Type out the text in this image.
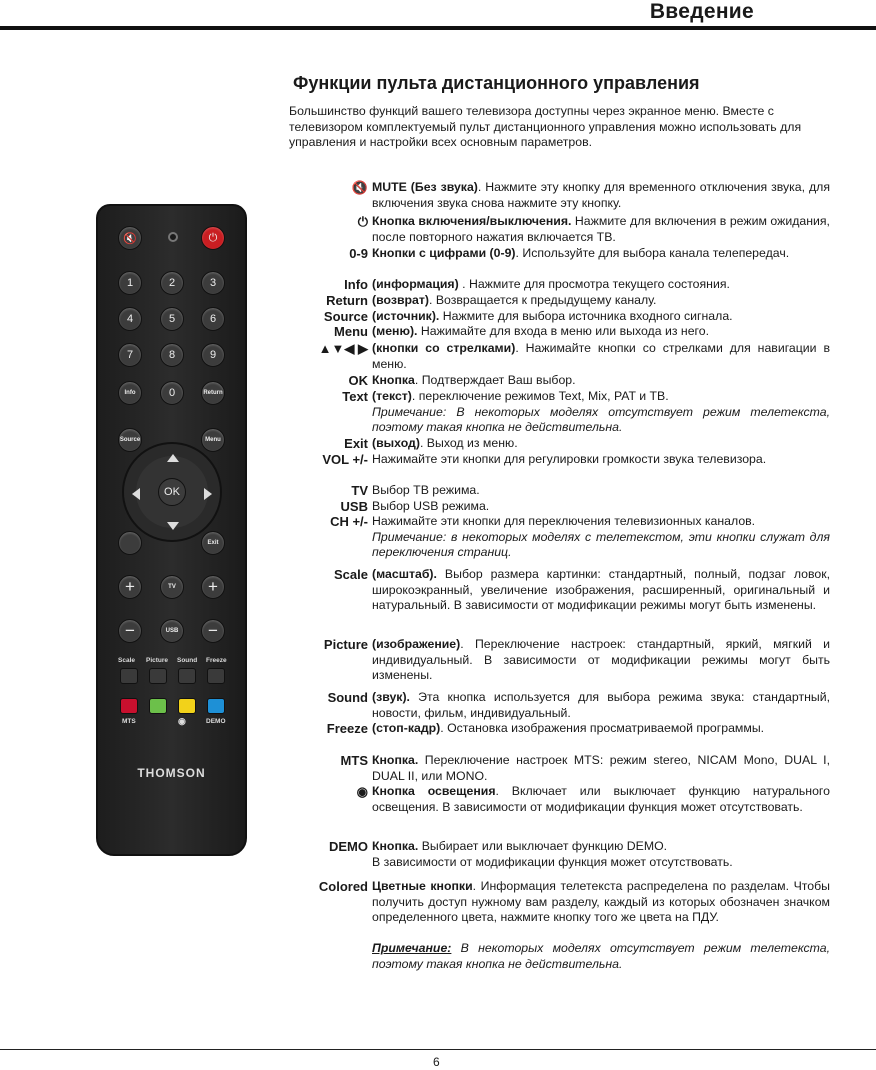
Введение
Функции пульта дистанционного управления
Большинство функций вашего телевизора доступны через экранное меню. Вместе с телевизором комплектуемый пульт дистанционного управления можно использовать для управления и настройки всех основным параметров.
🔇	⏻
1	2	3
4	5	6
7	8	9
Info	0	Return
Source	Menu
OK
Exit
+	TV	+
−	USB	−
Scale Picture Sound Freeze
MTS	◉	DEMO
THOMSON
🔇 MUTE (Без звука). Нажмите эту кнопку для временного отключения звука, для включения звука снова нажмите эту кнопку.
⏻ Кнопка включения/выключения. Нажмите для включения в режим ожидания, после повторного нажатия включается ТВ.
0-9 Кнопки с цифрами (0-9). Используйте для выбора канала телепередач.
Info (информация) . Нажмите для просмотра текущего состояния.
Return (возврат). Возвращается к предыдущему каналу.
Source (источник). Нажмите для выбора источника входного сигнала.
Menu (меню). Нажимайте для входа в меню или выхода из него.
▲▼◀ ▶ (кнопки со стрелками). Нажимайте кнопки со стрелками для навигации в меню.
OK Кнопка. Подтверждает Ваш выбор.
Text (текст). переключение режимов Text, Mix, PAT и TB.
Примечание: В некоторых моделях отсутствует режим телетекста, поэтому такая кнопка не действительна.
Exit (выход). Выход из меню.
VOL +/- Нажимайте эти кнопки для регулировки громкости звука телевизора.
TV Выбор ТВ режима.
USB Выбор USB режима.
CH +/- Нажимайте эти кнопки для переключения телевизионных каналов.
Примечание: в некоторых моделях с телетекстом, эти кнопки служат для переключения страниц.
Scale (масштаб). Выбор размера картинки: стандартный, полный, подзаг ловок, широкоэкранный, увеличение изображения, расширенный, оригинальный и натуральный. В зависимости от модификации режимы могут быть изменены.
Picture (изображение). Переключение настроек: стандартный, яркий, мягкий и индивидуальный. В зависимости от модификации режимы могут быть изменены.
Sound (звук). Эта кнопка используется для выбора режима звука: стандартный, новости, фильм, индивидуальный.
Freeze (стоп-кадр). Остановка изображения просматриваемой программы.
MTS Кнопка. Переключение настроек MTS: режим stereo, NICAM Mono, DUAL I, DUAL II, или MONO.
◉ Кнопка освещения. Включает или выключает функцию натурального освещения. В зависимости от модификации функция может отсутствовать.
DEMO Кнопка. Выбирает или выключает функцию DEMO.
В зависимости от модификации функция может отсутствовать.
Colored Цветные кнопки. Информация телетекста распределена по разделам. Чтобы получить доступ нужному вам разделу, каждый из которых обозначен значком определенного цвета, нажмите кнопку того же цвета на ПДУ.

Примечание: В некоторых моделях отсутствует режим телетекста, поэтому такая кнопка не действительна.
6
